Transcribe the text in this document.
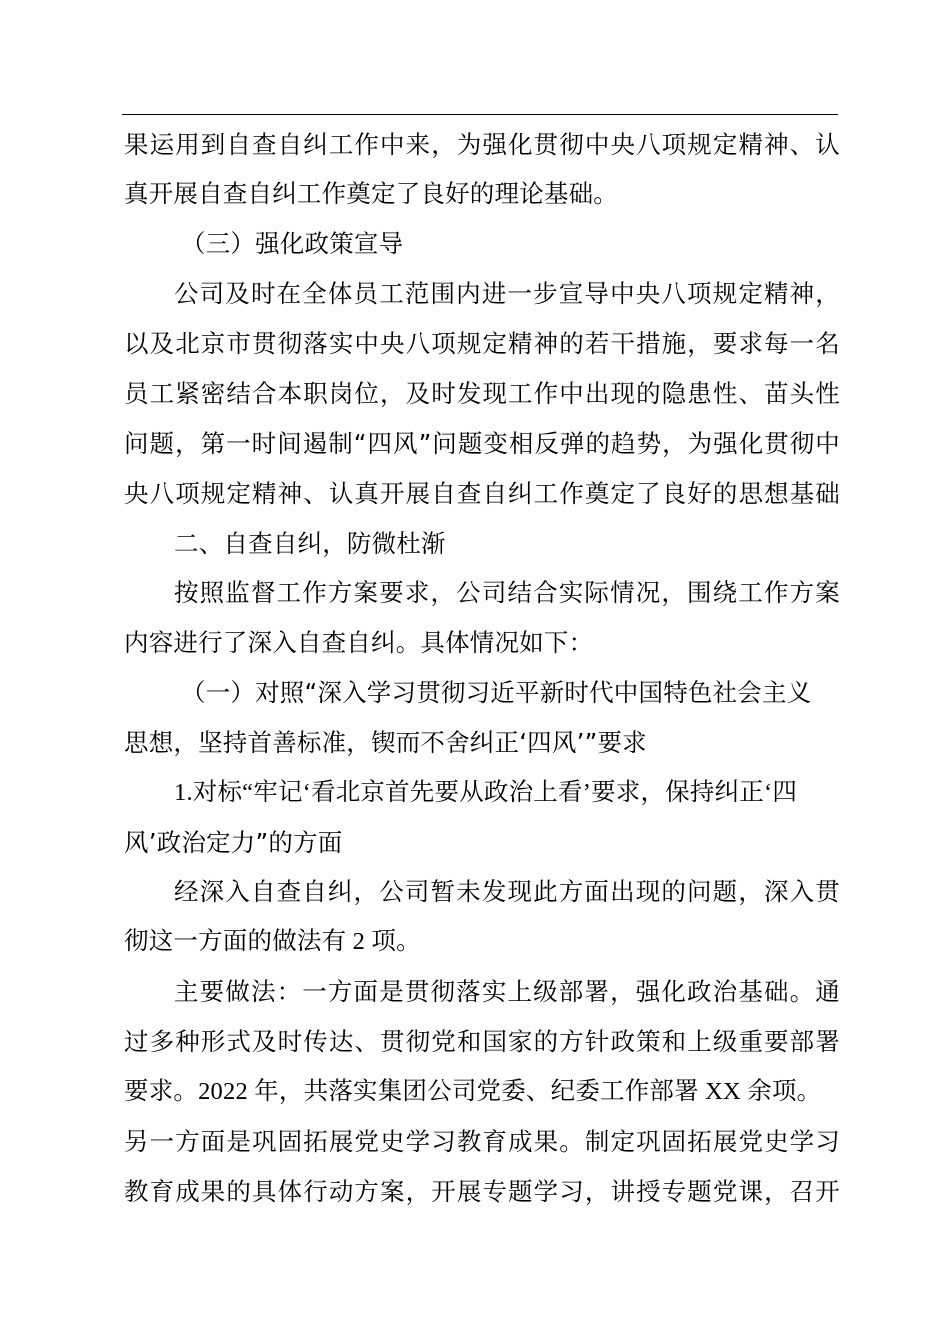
果运用到自查自纠工作中来，为强化贯彻中央八项规定精神、认
真开展自查自纠工作奠定了良好的理论基础。
（三）强化政策宣导
公司及时在全体员工范围内进一步宣导中央八项规定精神，
以及北京市贯彻落实中央八项规定精神的若干措施，要求每一名
员工紧密结合本职岗位，及时发现工作中出现的隐患性、苗头性
问题，第一时间遏制“四风”问题变相反弹的趋势，为强化贯彻中
央八项规定精神、认真开展自查自纠工作奠定了良好的思想基础
二、自查自纠，防微杜渐
按照监督工作方案要求，公司结合实际情况，围绕工作方案
内容进行了深入自查自纠。具体情况如下：
（一）对照“深入学习贯彻习近平新时代中国特色社会主义
思想，坚持首善标准，锲而不舍纠正‘四风’”要求
1.对标“牢记‘看北京首先要从政治上看’要求，保持纠正‘四
风’政治定力”的方面
经深入自查自纠，公司暂未发现此方面出现的问题，深入贯
彻这一方面的做法有 2 项。
主要做法：一方面是贯彻落实上级部署，强化政治基础。通
过多种形式及时传达、贯彻党和国家的方针政策和上级重要部署
要求。2022 年，共落实集团公司党委、纪委工作部署 XX 余项。
另一方面是巩固拓展党史学习教育成果。制定巩固拓展党史学习
教育成果的具体行动方案，开展专题学习，讲授专题党课，召开
